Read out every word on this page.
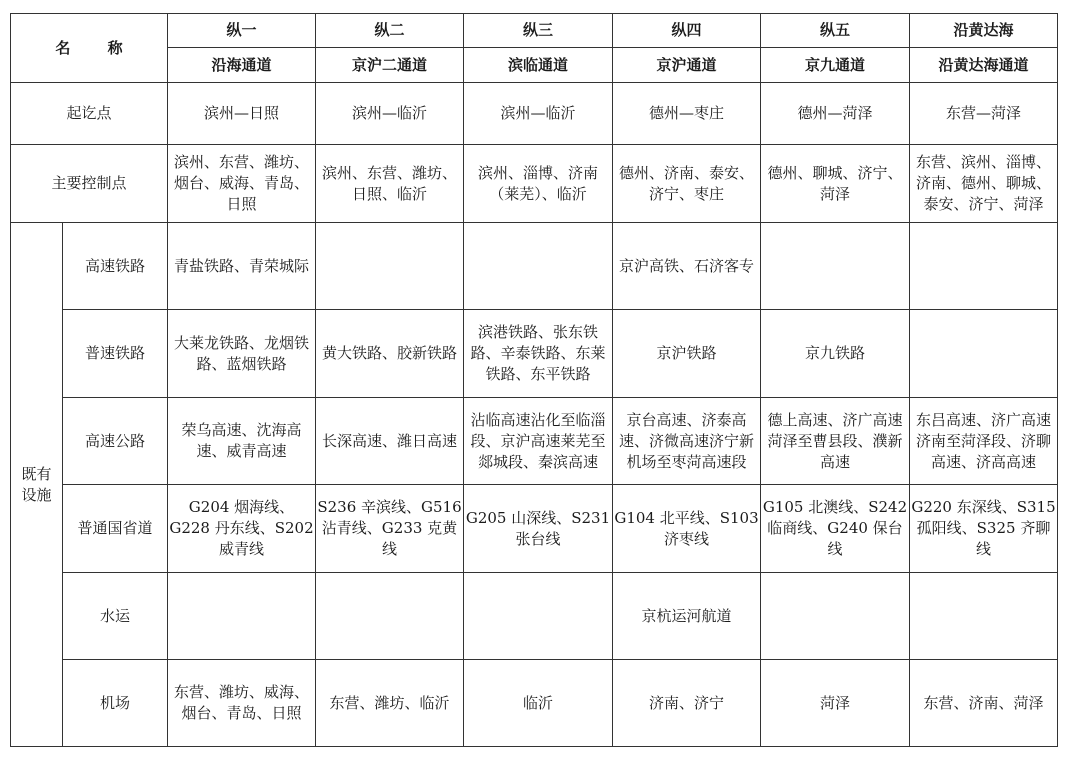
名 称		纵一	纵二	纵三	纵四	纵五	沿黄达海
		沿海通道	京沪二通道	滨临通道	京沪通道	京九通道	沿黄达海通道
起讫点		滨州—日照	滨州—临沂	滨州—临沂	德州—枣庄	德州—菏泽	东营—菏泽
主要控制点		滨州、东营、潍坊、烟台、威海、青岛、日照	滨州、东营、潍坊、日照、临沂	滨州、淄博、济南（莱芜）、临沂	德州、济南、泰安、济宁、枣庄	德州、聊城、济宁、菏泽	东营、滨州、淄博、济南、德州、聊城、泰安、济宁、菏泽
既有设施	高速铁路	青盐铁路、青荣城际			京沪高铁、石济客专		
	普速铁路	大莱龙铁路、龙烟铁路、蓝烟铁路	黄大铁路、胶新铁路	滨港铁路、张东铁路、辛泰铁路、东莱铁路、东平铁路	京沪铁路	京九铁路	
	高速公路	荣乌高速、沈海高速、威青高速	长深高速、潍日高速	沾临高速沾化至临淄段、京沪高速莱芜至郯城段、秦滨高速	京台高速、济泰高速、济微高速济宁新机场至枣菏高速段	德上高速、济广高速菏泽至曹县段、濮新高速	东吕高速、济广高速济南至菏泽段、济聊高速、济高高速
	普通国省道	G204 烟海线、G228 丹东线、S202 威青线	S236 辛滨线、G516 沾青线、G233 克黄线	G205 山深线、S231 张台线	G104 北平线、S103 济枣线	G105 北澳线、S242 临商线、G240 保台线	G220 东深线、S315 孤阳线、S325 齐聊线
	水运				京杭运河航道		
	机场	东营、潍坊、威海、烟台、青岛、日照	东营、潍坊、临沂	临沂	济南、济宁	菏泽	东营、济南、菏泽
